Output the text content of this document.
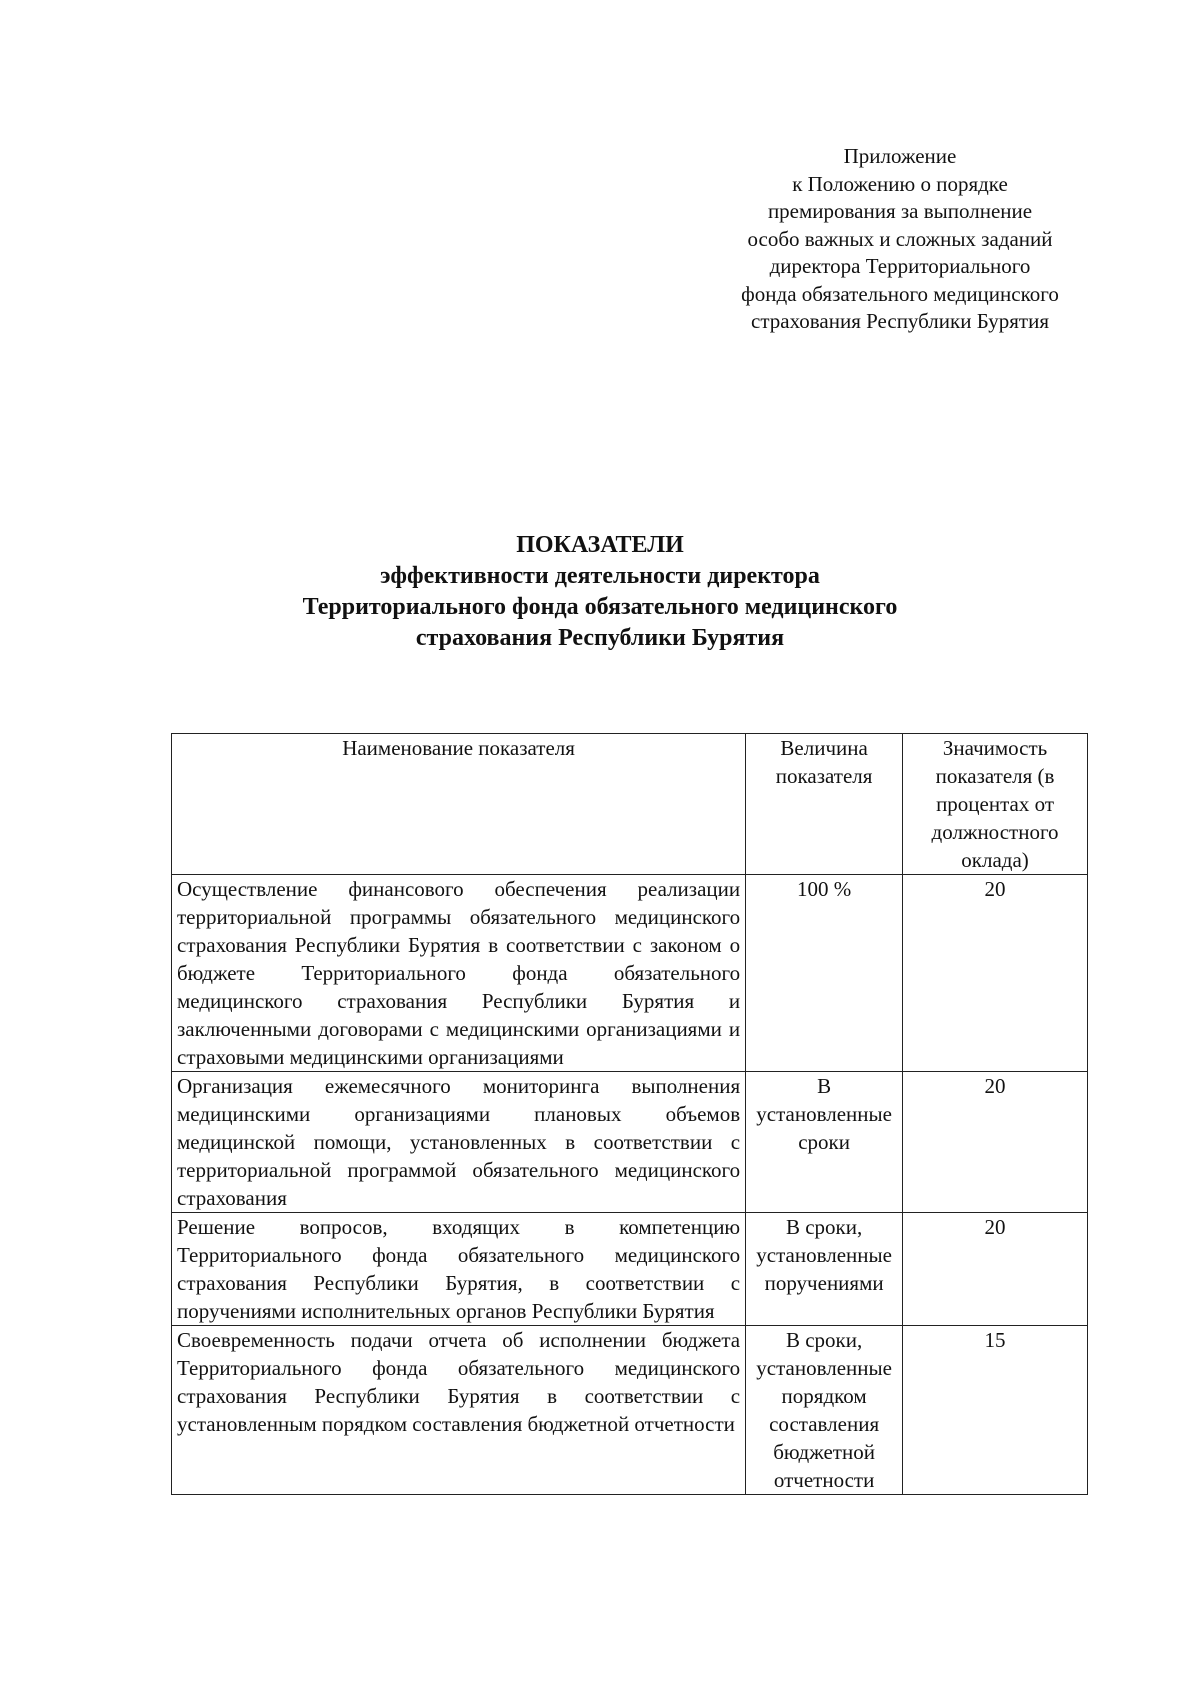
Приложение
к Положению о порядке
премирования за выполнение
особо важных и сложных заданий
директора Территориального
фонда обязательного медицинского
страхования Республики Бурятия
ПОКАЗАТЕЛИ
эффективности деятельности директора
Территориального фонда обязательного медицинского
страхования Республики Бурятия
Наименование показателя	Величина показателя	Значимость показателя (в процентах от должностного оклада)
Осуществление финансового обеспечения реализации территориальной программы обязательного медицинского страхования Республики Бурятия в соответствии с законом о бюджете Территориального фонда обязательного медицинского страхования Республики Бурятия и заключенными договорами с медицинскими организациями и страховыми медицинскими организациями	100 %	20
Организация ежемесячного мониторинга выполнения медицинскими организациями плановых объемов медицинской помощи, установленных в соответствии с территориальной программой обязательного медицинского страхования	В установленные сроки	20
Решение вопросов, входящих в компетенцию Территориального фонда обязательного медицинского страхования Республики Бурятия, в соответствии с поручениями исполнительных органов Республики Бурятия	В сроки, установленные поручениями	20
Своевременность подачи отчета об исполнении бюджета Территориального фонда обязательного медицинского страхования Республики Бурятия в соответствии с установленным порядком составления бюджетной отчетности	В сроки, установленные порядком составления бюджетной отчетности	15
